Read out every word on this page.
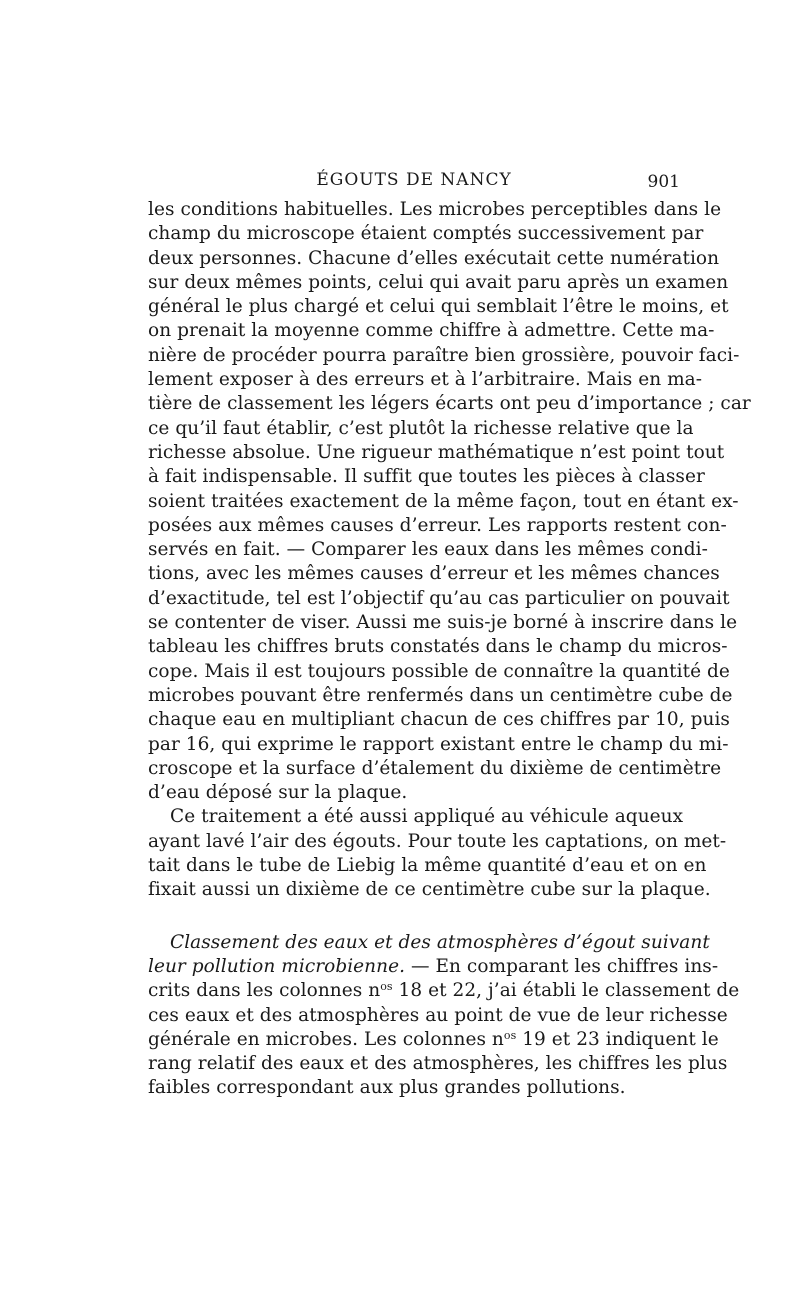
ÉGOUTS DE NANCY	901
les conditions habituelles. Les microbes perceptibles dans le
champ du microscope étaient comptés successivement par
deux personnes. Chacune d’elles exécutait cette numération
sur deux mêmes points, celui qui avait paru après un examen
général le plus chargé et celui qui semblait l’être le moins, et
on prenait la moyenne comme chiffre à admettre. Cette ma-
nière de procéder pourra paraître bien grossière, pouvoir faci-
lement exposer à des erreurs et à l’arbitraire. Mais en ma-
tière de classement les légers écarts ont peu d’importance ; car
ce qu’il faut établir, c’est plutôt la richesse relative que la
richesse absolue. Une rigueur mathématique n’est point tout
à fait indispensable. Il suffit que toutes les pièces à classer
soient traitées exactement de la même façon, tout en étant ex-
posées aux mêmes causes d’erreur. Les rapports restent con-
servés en fait. — Comparer les eaux dans les mêmes condi-
tions, avec les mêmes causes d’erreur et les mêmes chances
d’exactitude, tel est l’objectif qu’au cas particulier on pouvait
se contenter de viser. Aussi me suis-je borné à inscrire dans le
tableau les chiffres bruts constatés dans le champ du micros-
cope. Mais il est toujours possible de connaître la quantité de
microbes pouvant être renfermés dans un centimètre cube de
chaque eau en multipliant chacun de ces chiffres par 10, puis
par 16, qui exprime le rapport existant entre le champ du mi-
croscope et la surface d’étalement du dixième de centimètre
d’eau déposé sur la plaque.
Ce traitement a été aussi appliqué au véhicule aqueux
ayant lavé l’air des égouts. Pour toute les captations, on met-
tait dans le tube de Liebig la même quantité d’eau et on en
fixait aussi un dixième de ce centimètre cube sur la plaque.
Classement des eaux et des atmosphères d’égout suivant
leur pollution microbienne. — En comparant les chiffres ins-
crits dans les colonnes $n^{os}$ 18 et 22, j’ai établi le classement de
ces eaux et des atmosphères au point de vue de leur richesse
générale en microbes. Les colonnes $n^{os}$ 19 et 23 indiquent le
rang relatif des eaux et des atmosphères, les chiffres les plus
faibles correspondant aux plus grandes pollutions.
